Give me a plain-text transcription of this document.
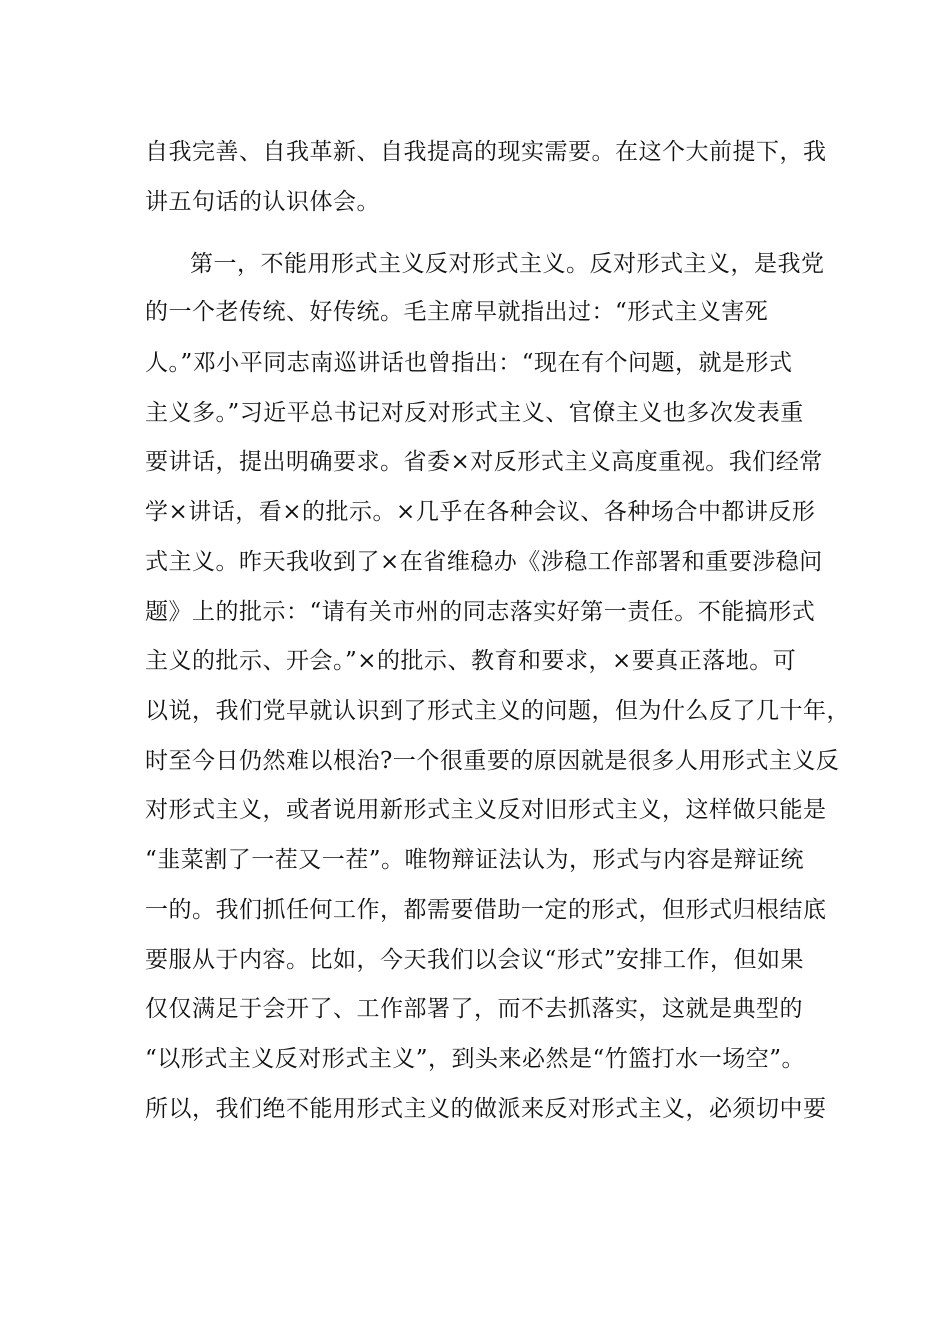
自我完善、自我革新、自我提高的现实需要。在这个大前提下，我
讲五句话的认识体会。
第一，不能用形式主义反对形式主义。反对形式主义，是我党
的一个老传统、好传统。毛主席早就指出过：“形式主义害死
人。”邓小平同志南巡讲话也曾指出：“现在有个问题，就是形式
主义多。”习近平总书记对反对形式主义、官僚主义也多次发表重
要讲话，提出明确要求。省委×对反形式主义高度重视。我们经常
学×讲话，看×的批示。×几乎在各种会议、各种场合中都讲反形
式主义。昨天我收到了×在省维稳办《涉稳工作部署和重要涉稳问
题》上的批示：“请有关市州的同志落实好第一责任。不能搞形式
主义的批示、开会。”×的批示、教育和要求，×要真正落地。可
以说，我们党早就认识到了形式主义的问题，但为什么反了几十年，
时至今日仍然难以根治?一个很重要的原因就是很多人用形式主义反
对形式主义，或者说用新形式主义反对旧形式主义，这样做只能是
“韭菜割了一茬又一茬”。唯物辩证法认为，形式与内容是辩证统
一的。我们抓任何工作，都需要借助一定的形式，但形式归根结底
要服从于内容。比如，今天我们以会议“形式”安排工作，但如果
仅仅满足于会开了、工作部署了，而不去抓落实，这就是典型的
“以形式主义反对形式主义”，到头来必然是“竹篮打水一场空”。
所以，我们绝不能用形式主义的做派来反对形式主义，必须切中要
